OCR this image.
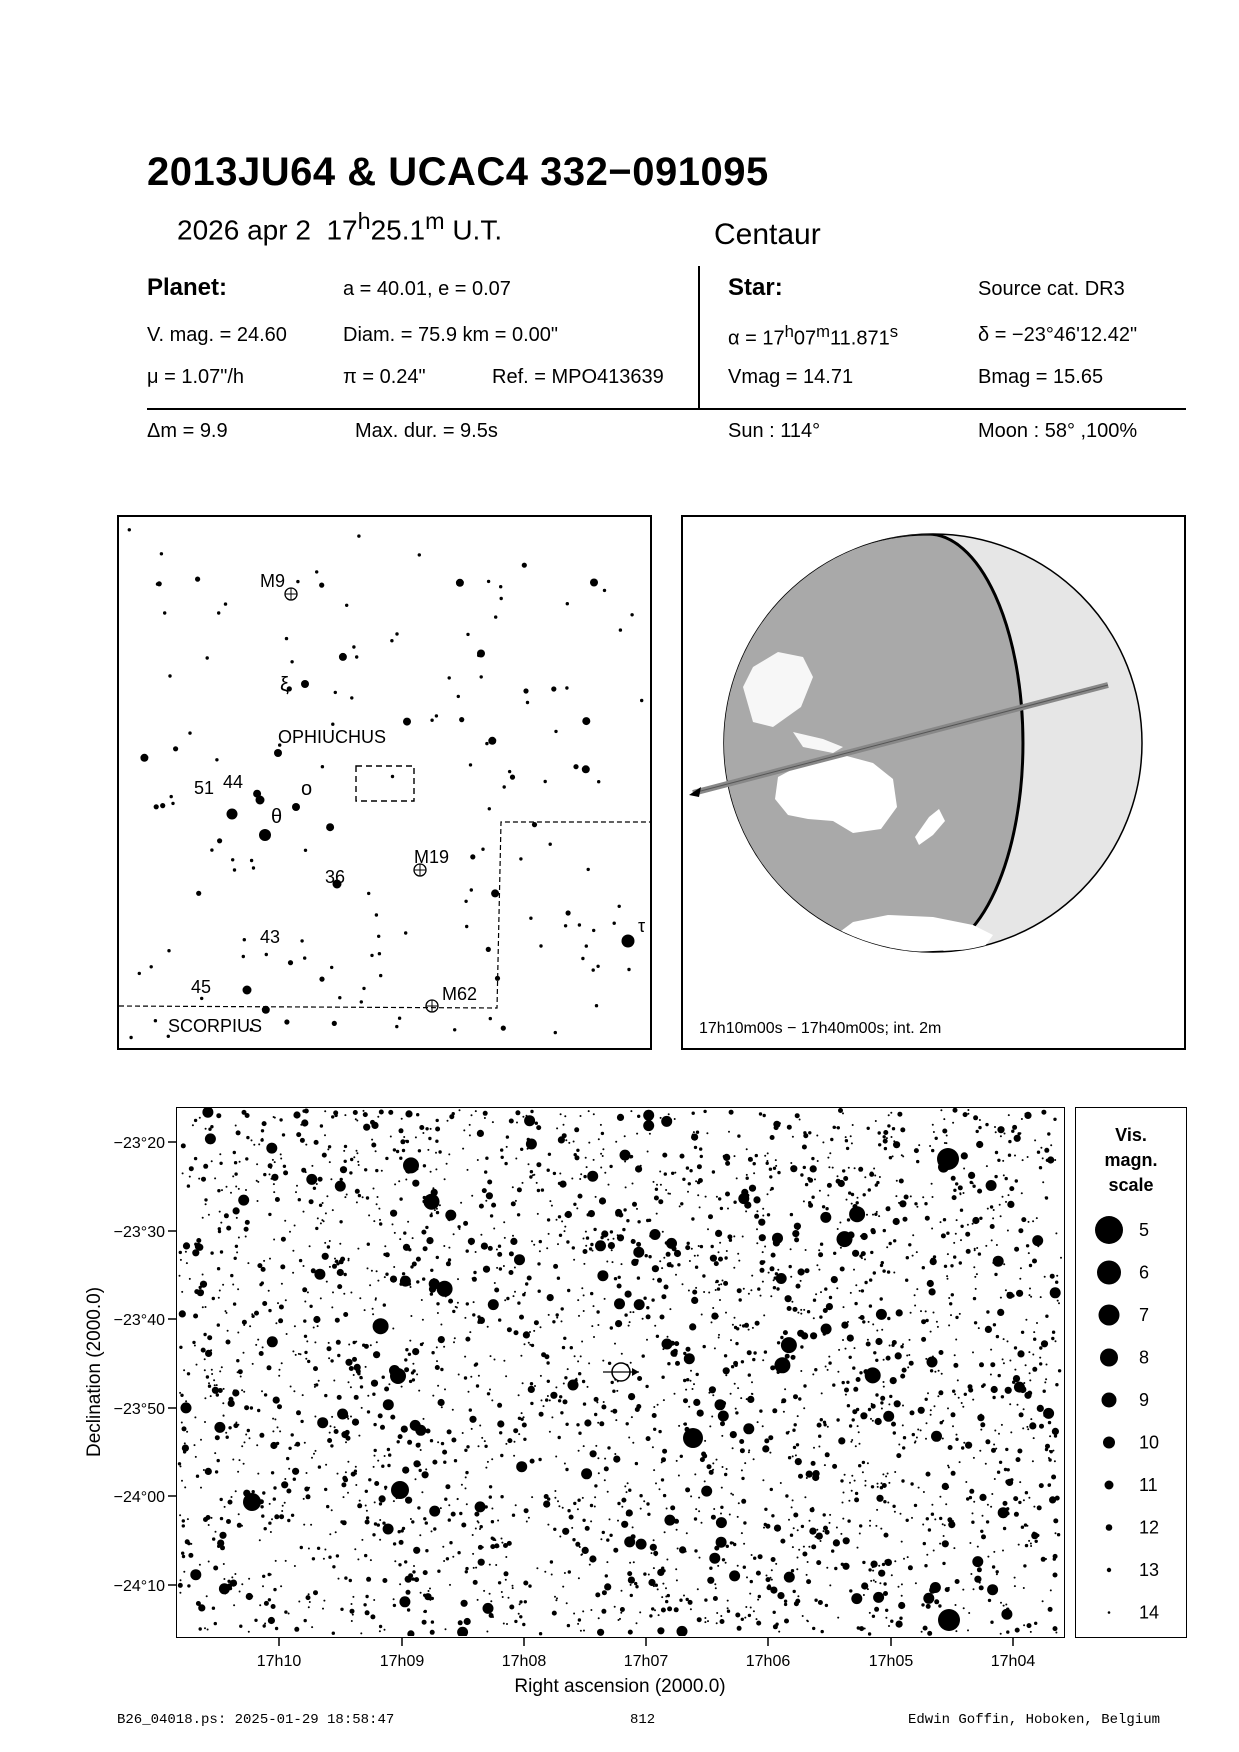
2013JU64 & UCAC4 332−091095
2026 apr 2 17$^h$25.1$^m$ U.T.	Centaur
Planet:	a = 40.01, e = 0.07
V. mag. = 24.60	Diam. = 75.9 km = 0.00"
μ = 1.07"/h	π = 0.24"	Ref. = MPO413639
Star:	Source cat. DR3
$\alpha = 17^h07^m11.871^s$	δ = −23°46'12.42"
Vmag = 14.71	Bmag = 15.65
Δm = 9.9	Max. dur. = 9.5s	Sun : 114°	Moon : 58° ,100%
M9
ξ
OPHIUCHUS
51 44	o
θ
M19
36
τ
43
45	M62
SCORPIUS	17h10m00s − 17h40m00s; int. 2m
−23°20
−23°30
−23°40
−23°50
−24°00
−24°10
17h10	17h09	17h08	17h07	17h06	17h05	17h04
Right ascension (2000.0)
Declination (2000.0)
Vis.
magn.
scale
5
6
7
8
9
10
11
12
13
14
B26_04018.ps: 2025-01-29 18:58:47	812	Edwin Goffin, Hoboken, Belgium
